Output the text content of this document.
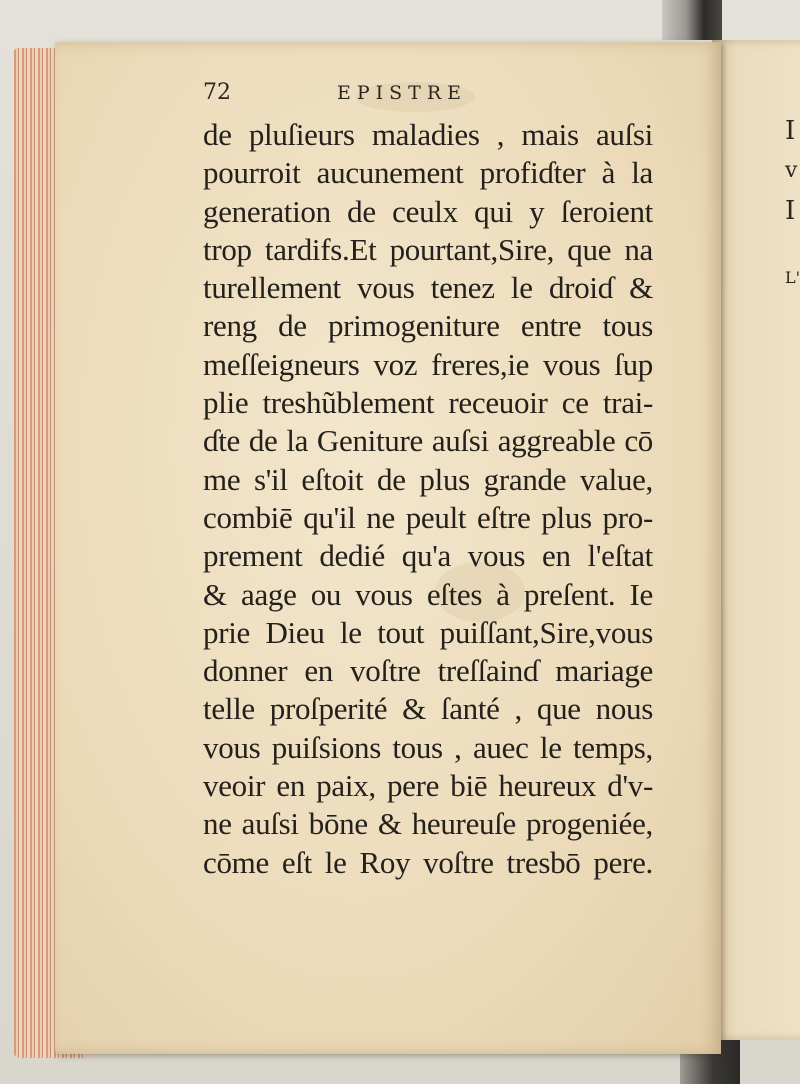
I
v
I
L'
72	EPISTRE
de pluſieurs maladies , mais auſsi
pourroit aucunement profiɗter à la
generation de ceulx qui y ſeroient
trop tardifs.Et pourtant,Sire, que na
turellement vous tenez le droiɗ &
reng de primogeniture entre tous
meſſeigneurs voz freres,ie vous ſup
plie treshũblement receuoir ce trai-
ɗte de la Geniture auſsi aggreable cō
me s'il eſtoit de plus grande value,
combiē qu'il ne peult eſtre plus pro-
prement dedié qu'a vous en l'eſtat
& aage ou vous eſtes à preſent. Ie
prie Dieu le tout puiſſant,Sire,vous
donner en voſtre treſſainɗ mariage
telle proſperité & ſanté , que nous
vous puiſsions tous , auec le temps,
veoir en paix, pere biē heureux d'v-
ne auſsi bōne & heureuſe progeniée,
cōme eſt le Roy voſtre tresbō pere.
